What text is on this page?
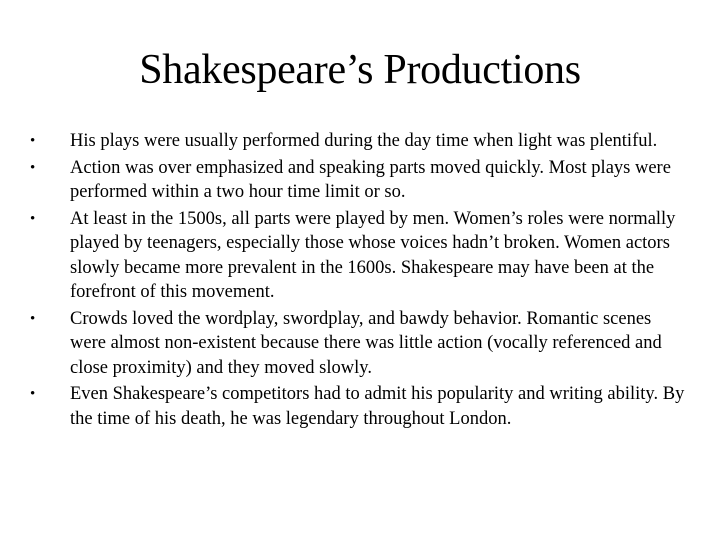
Shakespeare’s Productions
•	His plays were usually performed during the day time when light was plentiful.
•	Action was over emphasized and speaking parts moved quickly. Most plays were performed within a two hour time limit or so.
•	At least in the 1500s, all parts were played by men. Women’s roles were normally played by teenagers, especially those whose voices hadn’t broken. Women actors slowly became more prevalent in the 1600s. Shakespeare may have been at the forefront of this movement.
•	Crowds loved the wordplay, swordplay, and bawdy behavior. Romantic scenes were almost non-existent because there was little action (vocally referenced and close proximity) and they moved slowly.
•	Even Shakespeare’s competitors had to admit his popularity and writing ability. By the time of his death, he was legendary throughout London.
